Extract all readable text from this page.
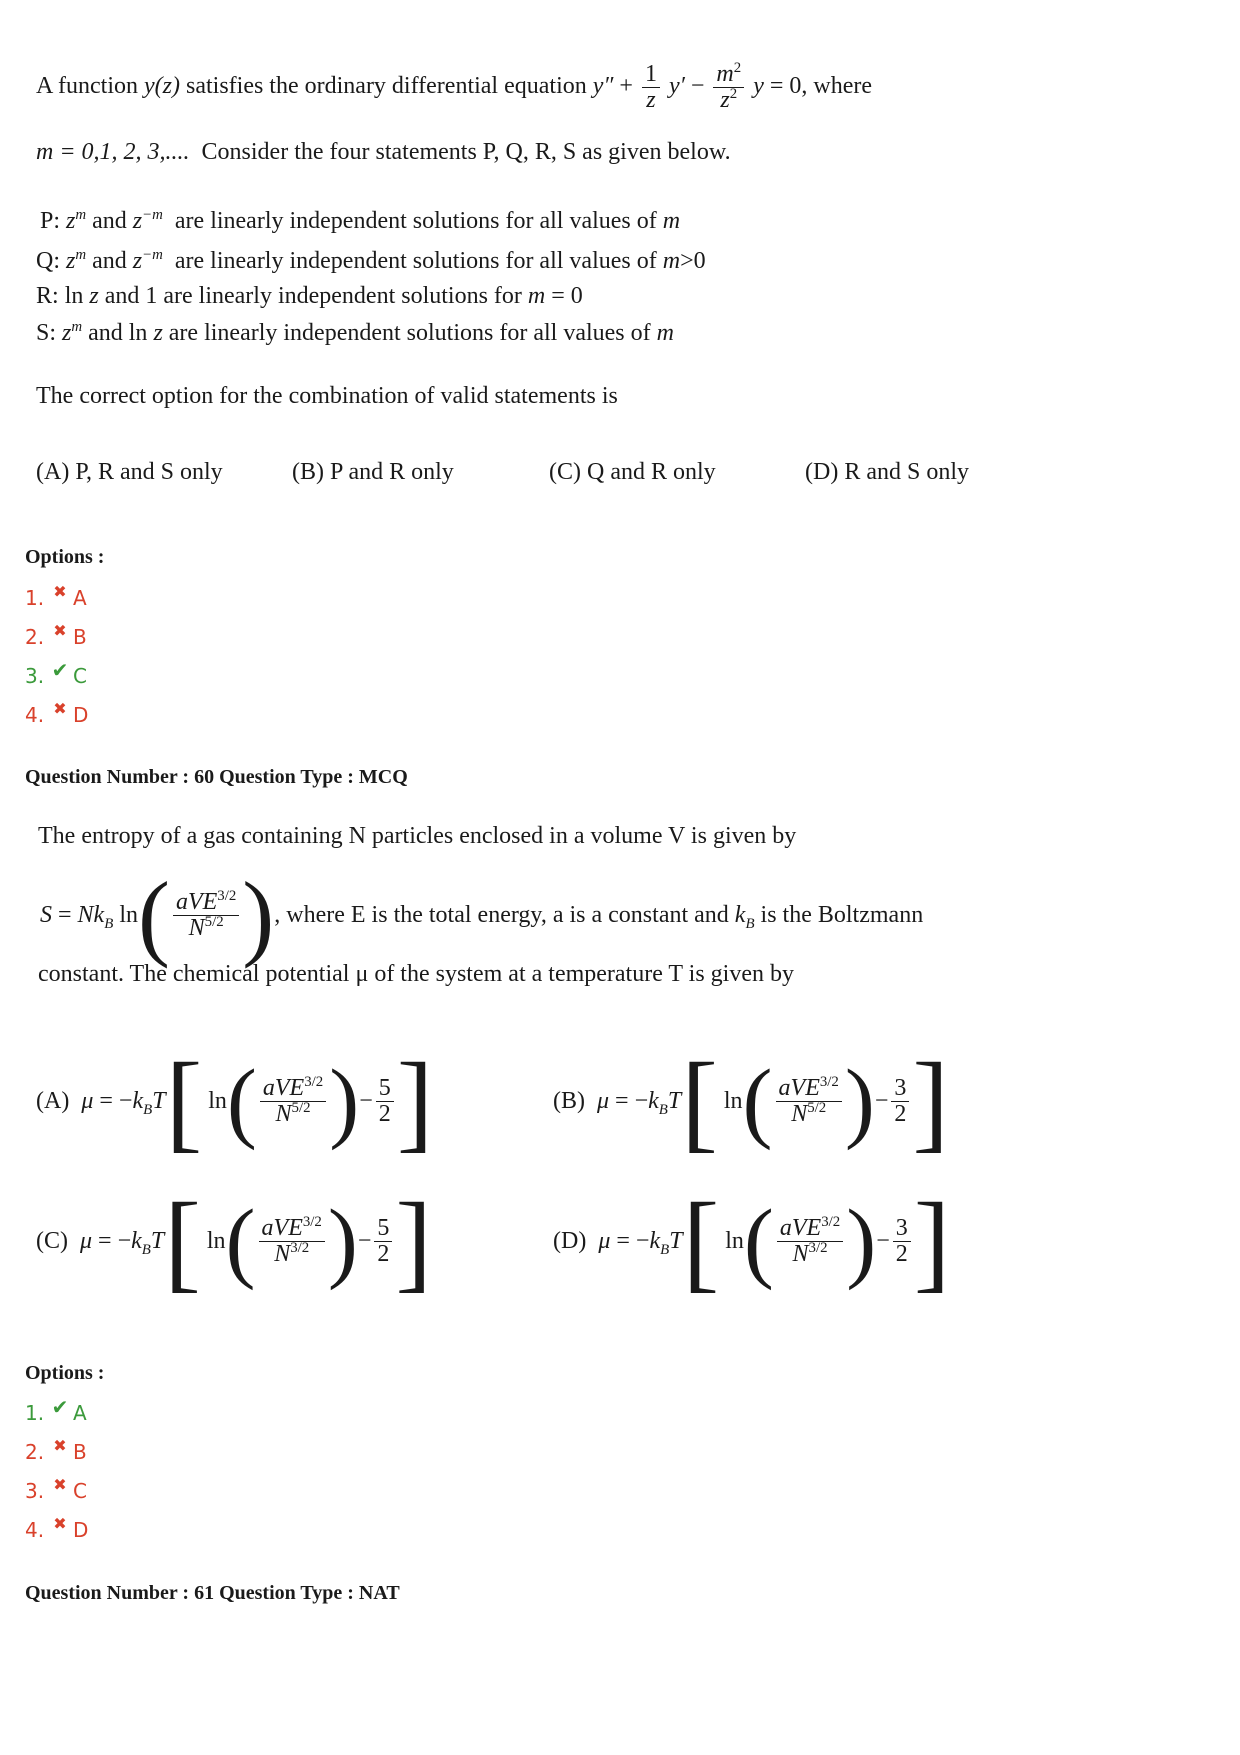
A function y(z) satisfies the ordinary differential equation $y'' + \frac{1}{z} y' - \frac{m^2}{z^2}$ y = 0, where
m = 0,1, 2, 3,.... Consider the four statements P, Q, R, S as given below.
P: $z^m$ and $z^{-m}$ are linearly independent solutions for all values of m
Q: $z^m$ and $z^{-m}$ are linearly independent solutions for all values of m>0
R: ln z and 1 are linearly independent solutions for m = 0
S: $z^m$ and ln z are linearly independent solutions for all values of m
The correct option for the combination of valid statements is
(A) P, R and S only	(B) P and R only	(C) Q and R only	(D) R and S only
Options :
1. ✖ A
2. ✖ B
3. ✔ C
4. ✖ D
Question Number : 60 Question Type : MCQ
The entropy of a gas containing N particles enclosed in a volume V is given by
$S = Nk_B$ ln ( $\frac{aVE^{3/2}}{N^{5/2}}$ ) , where E is the total energy, a is a constant and
$k_B$
is the Boltzmann
constant. The chemical potential μ of the system at a temperature T is given by
(A)
μ = − $k_BT$ [ ln ( $\frac{aVE^{3/2}}{N^{5/2}}$ ) − $\frac{5}{2}$ ]	(B)
μ = − $k_BT$ [ ln ( $\frac{aVE^{3/2}}{N^{5/2}}$ ) − $\frac{3}{2}$ ]
(C)
μ = − $k_BT$ [ ln ( $\frac{aVE^{3/2}}{N^{3/2}}$ ) − $\frac{5}{2}$ ]	(D)
μ = − $k_BT$ [ ln ( $\frac{aVE^{3/2}}{N^{3/2}}$ ) − $\frac{3}{2}$ ]
Options :
1. ✔ A
2. ✖ B
3. ✖ C
4. ✖ D
Question Number : 61 Question Type : NAT
